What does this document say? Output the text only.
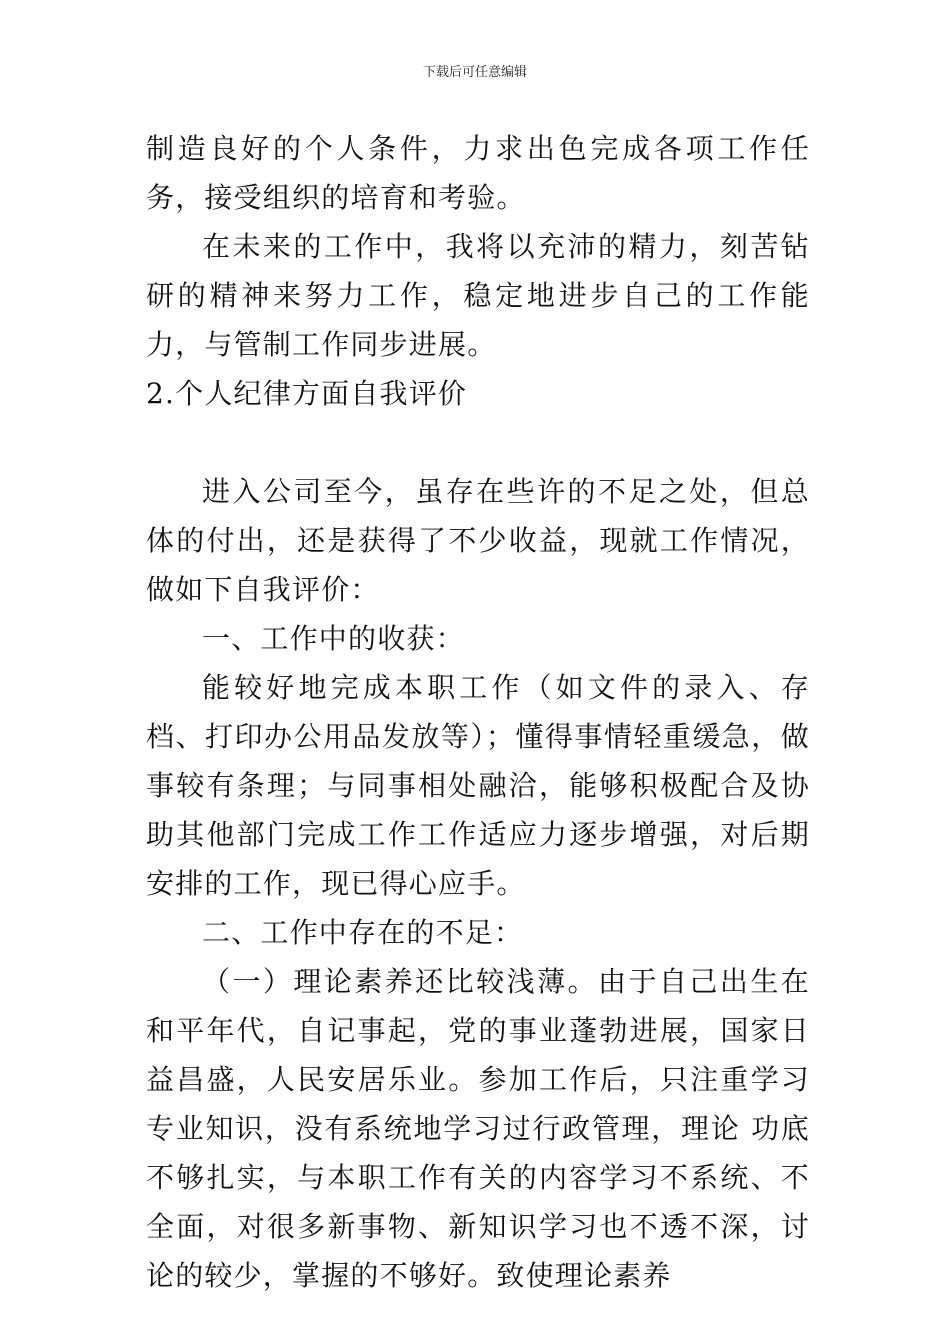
下载后可任意编辑

制造良好的个人条件，力求出色完成各项工作任务，接受组织的培育和考验。

在未来的工作中，我将以充沛的精力，刻苦钻研的精神来努力工作，稳定地进步自己的工作能力，与管制工作同步进展。

2.个人纪律方面自我评价

进入公司至今，虽存在些许的不足之处，但总体的付出，还是获得了不少收益，现就工作情况，做如下自我评价：

一、工作中的收获：

能较好地完成本职工作（如文件的录入、存档、打印办公用品发放等）；懂得事情轻重缓急，做事较有条理；与同事相处融洽，能够积极配合及协助其他部门完成工作工作适应力逐步增强，对后期安排的工作，现已得心应手。

二、工作中存在的不足：

（一）理论素养还比较浅薄。由于自己出生在和平年代，自记事起，党的事业蓬勃进展，国家日益昌盛，人民安居乐业。参加工作后，只注重学习专业知识，没有系统地学习过行政管理，理论 功底不够扎实，与本职工作有关的内容学习不系统、不全面，对很多新事物、新知识学习也不透不深，讨论的较少，掌握的不够好。致使理论素养
